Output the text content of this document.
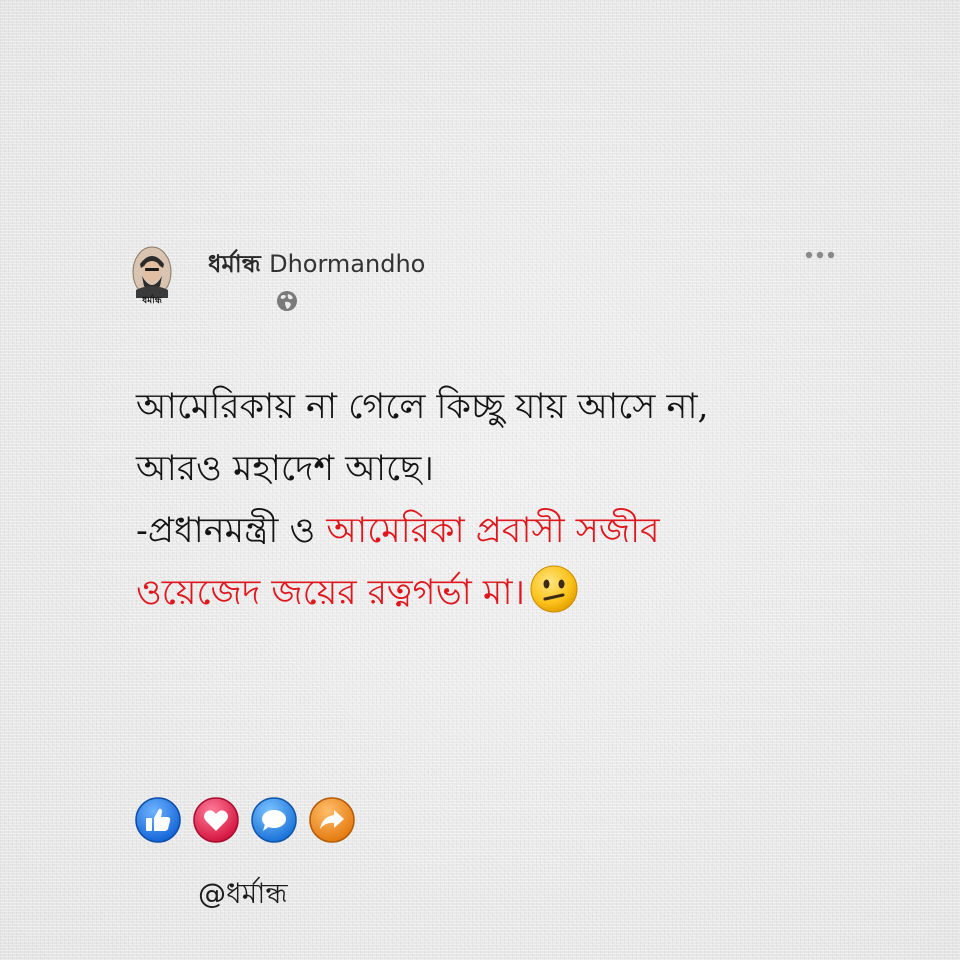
ধর্মান্ধ
ধর্মান্ধ Dhormandho
আমেরিকায় না গেলে কিচ্ছু যায় আসে না,
আরও মহাদেশ আছে।
-প্রধানমন্ত্রী ও আমেরিকা প্রবাসী সজীব
ওয়েজেদ জয়ের রত্নগর্ভা মা।
@ধর্মান্ধ
